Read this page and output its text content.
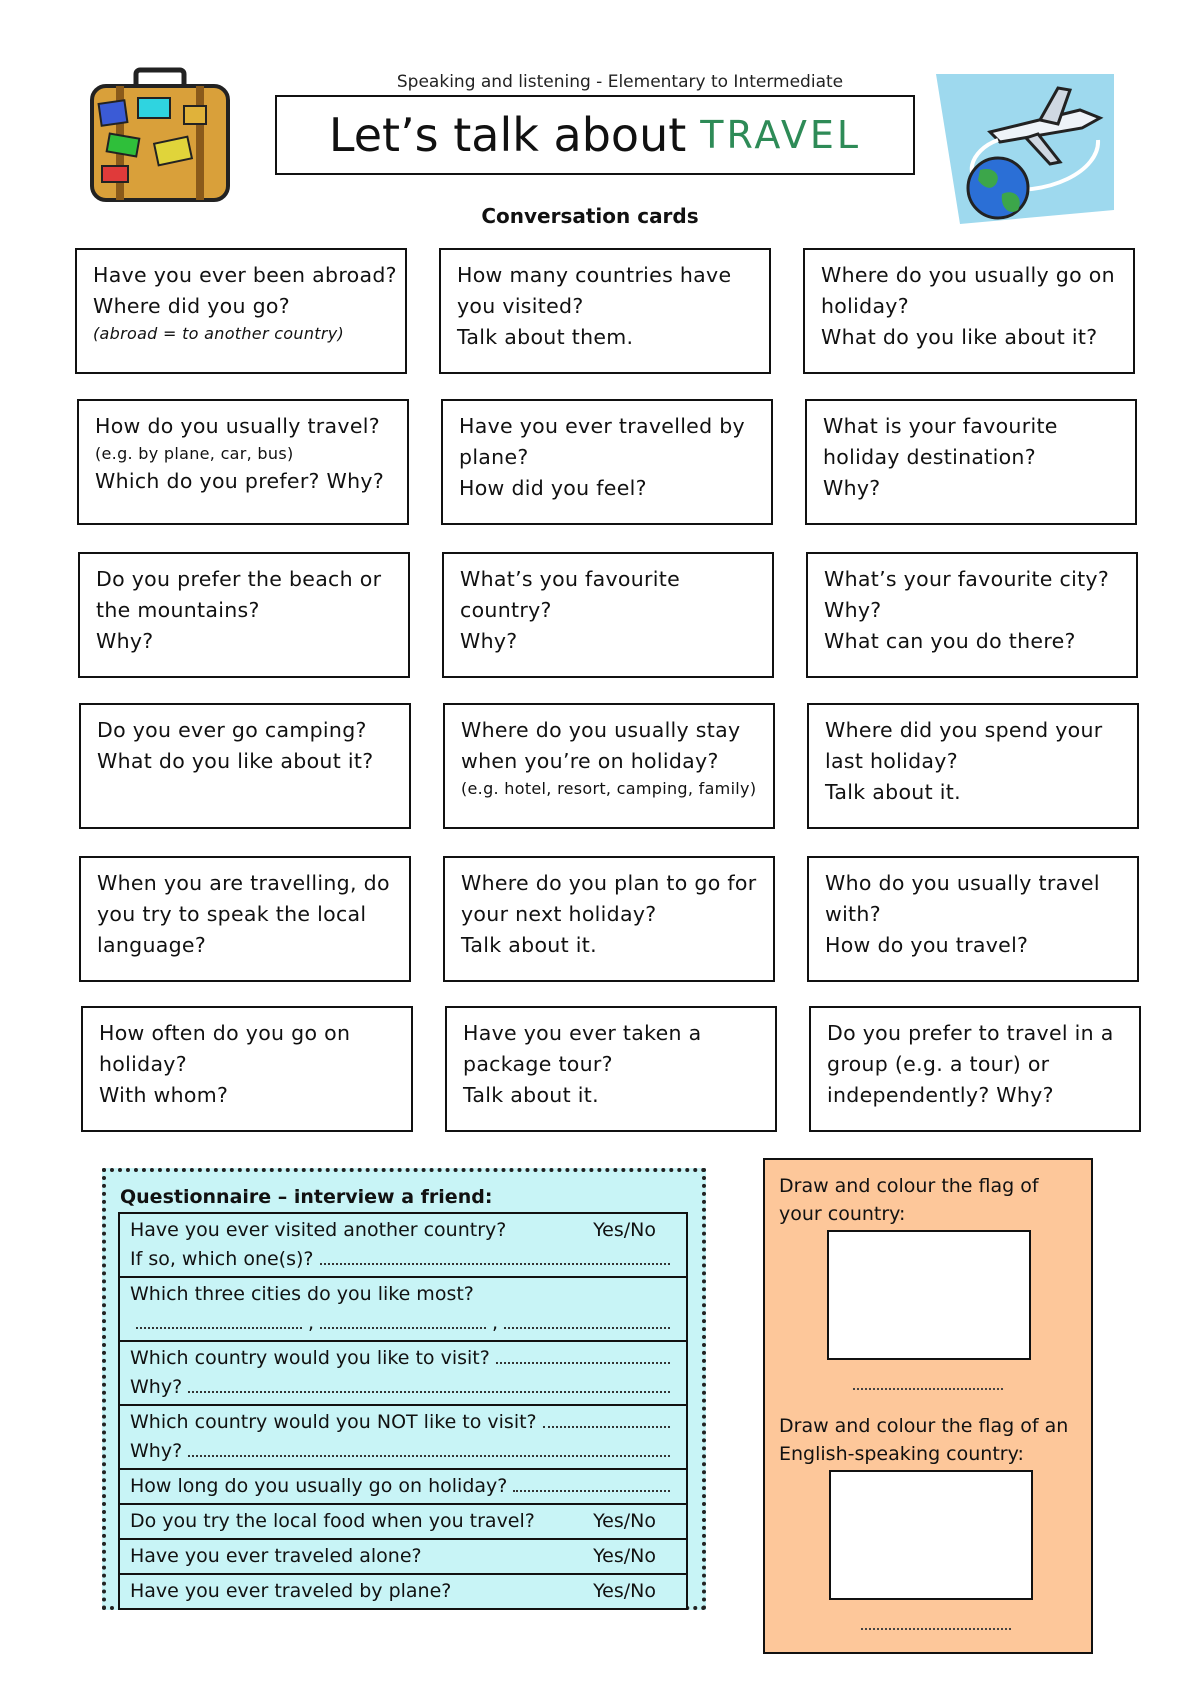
Speaking and listening - Elementary to Intermediate
Let’s talk about TRAVEL
Conversation cards
Have you ever been abroad?
Where did you go?
(abroad = to another country)
How many countries have
you visited?
Talk about them.
Where do you usually go on
holiday?
What do you like about it?
How do you usually travel?
(e.g. by plane, car, bus)
Which do you prefer? Why?
Have you ever travelled by
plane?
How did you feel?
What is your favourite
holiday destination?
Why?
Do you prefer the beach or
the mountains?
Why?
What’s you favourite
country?
Why?
What’s your favourite city?
Why?
What can you do there?
Do you ever go camping?
What do you like about it?
Where do you usually stay
when you’re on holiday?
(e.g. hotel, resort, camping, family)
Where did you spend your
last holiday?
Talk about it.
When you are travelling, do
you try to speak the local
language?
Where do you plan to go for
your next holiday?
Talk about it.
Who do you usually travel
with?
How do you travel?
How often do you go on
holiday?
With whom?
Have you ever taken a
package tour?
Talk about it.
Do you prefer to travel in a
group (e.g. a tour) or
independently? Why?
Questionnaire – interview a friend:
Have you ever visited another country?	Yes/No
If so, which one(s)?
Which three cities do you like most?
,	,
Which country would you like to visit?
Why?
Which country would you NOT like to visit?
Why?
How long do you usually go on holiday?
Do you try the local food when you travel?	Yes/No
Have you ever traveled alone?	Yes/No
Have you ever traveled by plane?	Yes/No
Draw and colour the flag of your country:
Draw and colour the flag of an English-speaking country:
